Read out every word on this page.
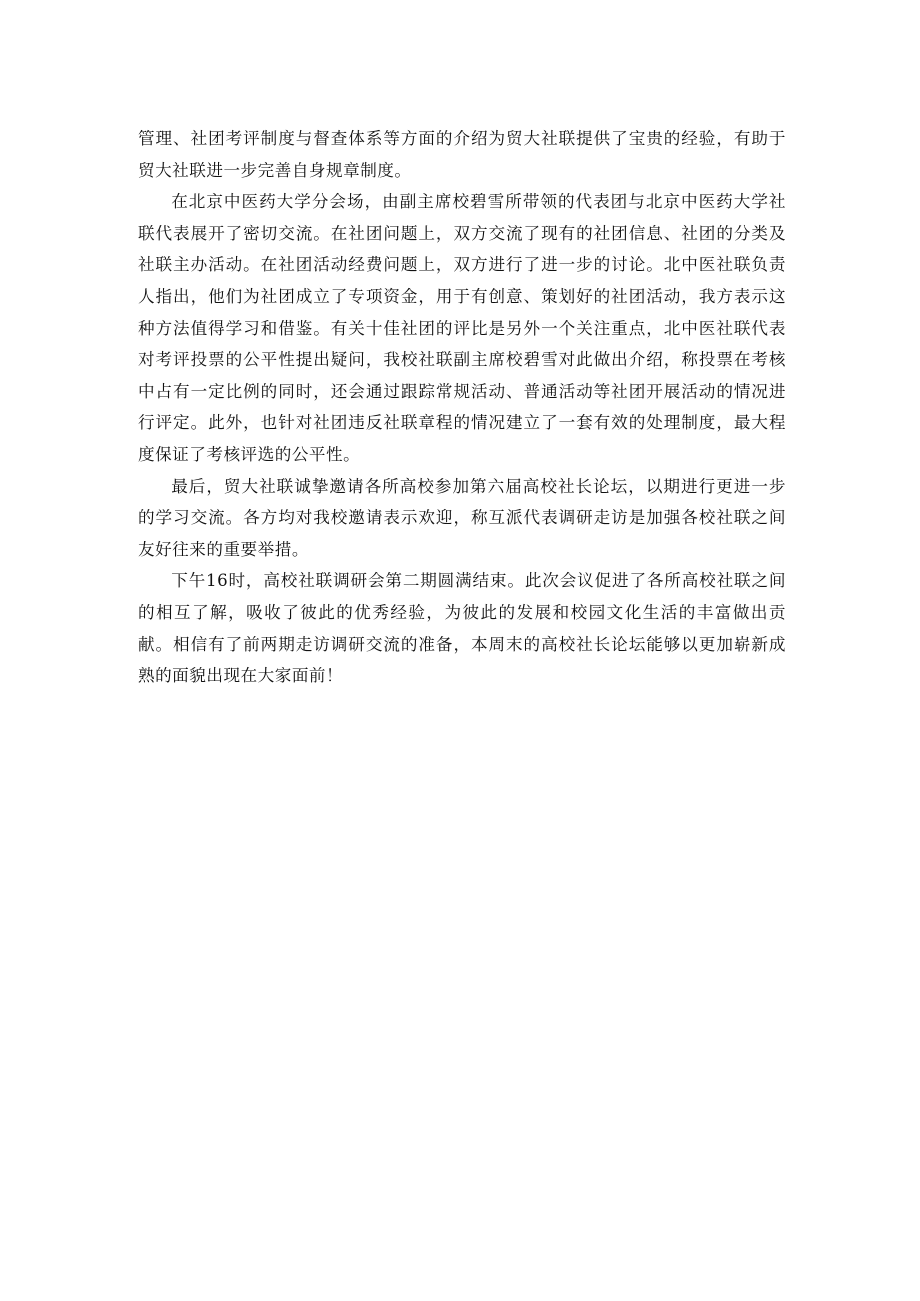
管理、社团考评制度与督查体系等方面的介绍为贸大社联提供了宝贵的经验，有助于贸大社联进一步完善自身规章制度。

在北京中医药大学分会场，由副主席校碧雪所带领的代表团与北京中医药大学社联代表展开了密切交流。在社团问题上，双方交流了现有的社团信息、社团的分类及社联主办活动。在社团活动经费问题上，双方进行了进一步的讨论。北中医社联负责人指出，他们为社团成立了专项资金，用于有创意、策划好的社团活动，我方表示这种方法值得学习和借鉴。有关十佳社团的评比是另外一个关注重点，北中医社联代表对考评投票的公平性提出疑问，我校社联副主席校碧雪对此做出介绍，称投票在考核中占有一定比例的同时，还会通过跟踪常规活动、普通活动等社团开展活动的情况进行评定。此外，也针对社团违反社联章程的情况建立了一套有效的处理制度，最大程度保证了考核评选的公平性。

最后，贸大社联诚挚邀请各所高校参加第六届高校社长论坛，以期进行更进一步的学习交流。各方均对我校邀请表示欢迎，称互派代表调研走访是加强各校社联之间友好往来的重要举措。

下午16时，高校社联调研会第二期圆满结束。此次会议促进了各所高校社联之间的相互了解，吸收了彼此的优秀经验，为彼此的发展和校园文化生活的丰富做出贡献。相信有了前两期走访调研交流的准备，本周末的高校社长论坛能够以更加崭新成熟的面貌出现在大家面前！
